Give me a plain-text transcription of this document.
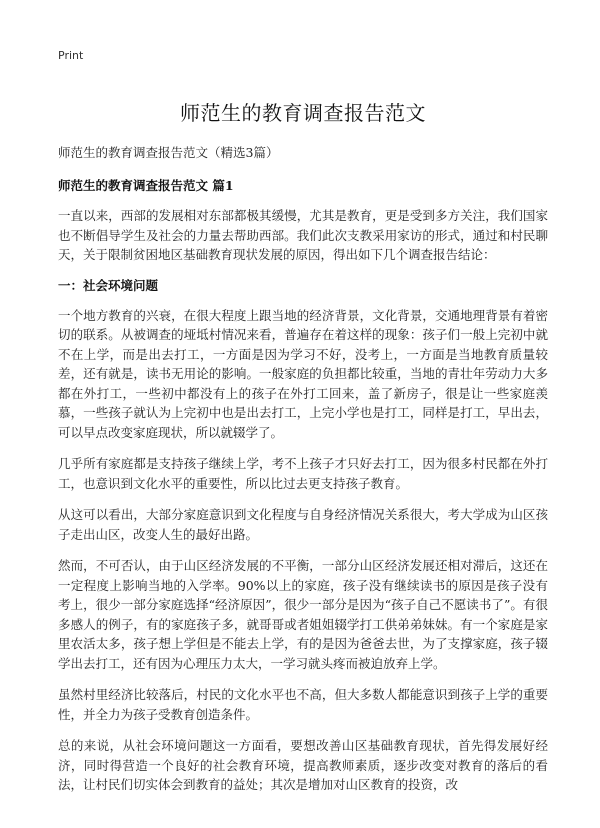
Print
师范生的教育调查报告范文

师范生的教育调查报告范文（精选3篇）

师范生的教育调查报告范文 篇1

一直以来，西部的发展相对东部都极其缓慢，尤其是教育，更是受到多方关注，我们国家也不断倡导学生及社会的力量去帮助西部。我们此次支教采用家访的形式，通过和村民聊天，关于限制贫困地区基础教育现状发展的原因，得出如下几个调查报告结论：

一：社会环境问题

一个地方教育的兴衰，在很大程度上跟当地的经济背景，文化背景，交通地理背景有着密切的联系。从被调查的垭坻村情况来看，普遍存在着这样的现象：孩子们一般上完初中就不在上学，而是出去打工，一方面是因为学习不好，没考上，一方面是当地教育质量较差，还有就是，读书无用论的影响。一般家庭的负担都比较重，当地的青壮年劳动力大多都在外打工，一些初中都没有上的孩子在外打工回来，盖了新房子，很是让一些家庭羡慕，一些孩子就认为上完初中也是出去打工，上完小学也是打工，同样是打工，早出去，可以早点改变家庭现状，所以就辍学了。

几乎所有家庭都是支持孩子继续上学，考不上孩子才只好去打工，因为很多村民都在外打工，也意识到文化水平的重要性，所以比过去更支持孩子教育。

从这可以看出，大部分家庭意识到文化程度与自身经济情况关系很大，考大学成为山区孩子走出山区，改变人生的最好出路。

然而，不可否认，由于山区经济发展的不平衡，一部分山区经济发展还相对滞后，这还在一定程度上影响当地的入学率。90%以上的家庭，孩子没有继续读书的原因是孩子没有考上，很少一部分家庭选择“经济原因”，很少一部分是因为“孩子自己不愿读书了”。有很多感人的例子，有的家庭孩子多，就哥哥或者姐姐辍学打工供弟弟妹妹。有一个家庭是家里农活太多，孩子想上学但是不能去上学，有的是因为爸爸去世，为了支撑家庭，孩子辍学出去打工，还有因为心理压力太大，一学习就头疼而被迫放弃上学。

虽然村里经济比较落后，村民的文化水平也不高，但大多数人都能意识到孩子上学的重要性，并全力为孩子受教育创造条件。

总的来说，从社会环境问题这一方面看，要想改善山区基础教育现状，首先得发展好经济，同时得营造一个良好的社会教育环境，提高教师素质，逐步改变对教育的落后的看法，让村民们切实体会到教育的益处；其次是增加对山区教育的投资，改
